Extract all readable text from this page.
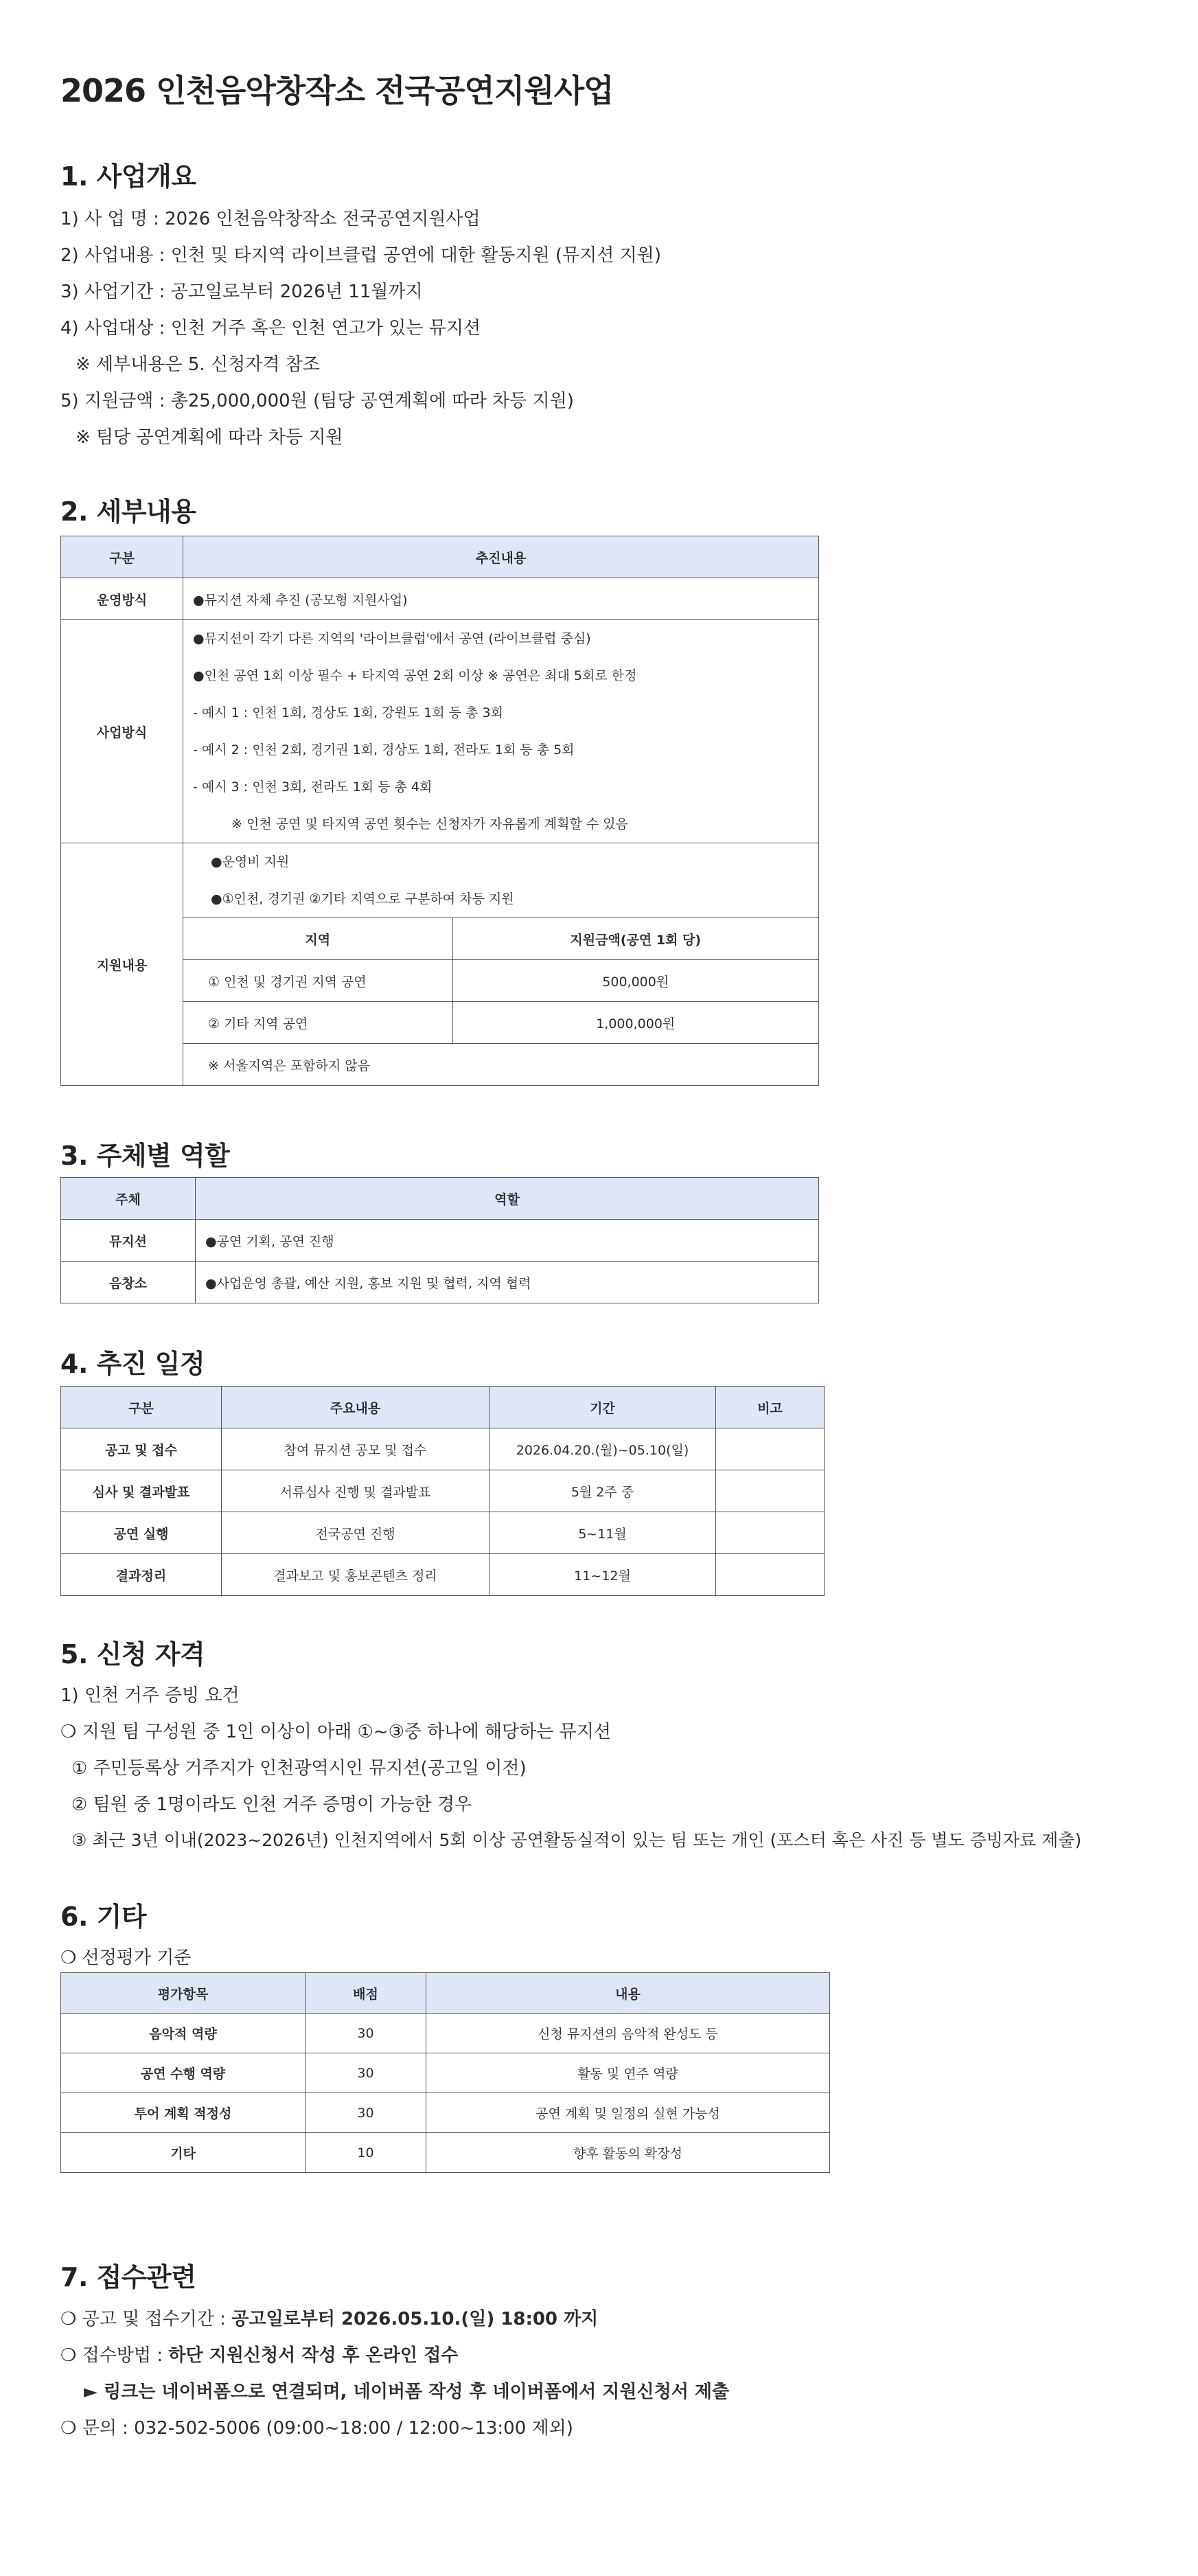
2026 인천음악창작소 전국공연지원사업
1. 사업개요
1) 사 업 명 : 2026 인천음악창작소 전국공연지원사업
2) 사업내용 : 인천 및 타지역 라이브클럽 공연에 대한 활동지원 (뮤지션 지원)
3) 사업기간 : 공고일로부터 2026년 11월까지
4) 사업대상 : 인천 거주 혹은 인천 연고가 있는 뮤지션
※ 세부내용은 5. 신청자격 참조
5) 지원금액 : 총25,000,000원 (팀당 공연계획에 따라 차등 지원)
※ 팀당 공연계획에 따라 차등 지원
2. 세부내용
구분	추진내용
운영방식	●뮤지션 자체 추진 (공모형 지원사업)
사업방식	
●뮤지션이 각기 다른 지역의 '라이브클럽'에서 공연 (라이브클럽 중심)
●인천 공연 1회 이상 필수 + 타지역 공연 2회 이상 ※ 공연은 최대 5회로 한정
- 예시 1 : 인천 1회, 경상도 1회, 강원도 1회 등 총 3회
- 예시 2 : 인천 2회, 경기권 1회, 경상도 1회, 전라도 1회 등 총 5회
- 예시 3 : 인천 3회, 전라도 1회 등 총 4회
※ 인천 공연 및 타지역 공연 횟수는 신청자가 자유롭게 계획할 수 있음

지원내용	
●운영비 지원
●①인천, 경기권 ②기타 지역으로 구분하여 차등 지원
지역	지원금액(공연 1회 당)
① 인천 및 경기권 지역 공연	500,000원
② 기타 지역 공연	1,000,000원
※ 서울지역은 포함하지 않음
3. 주체별 역할
주체	역할
뮤지션	●공연 기획, 공연 진행
음창소	●사업운영 총괄, 예산 지원, 홍보 지원 및 협력, 지역 협력
4. 추진 일정
구분	주요내용	기간	비고
공고 및 접수	참여 뮤지션 공모 및 접수	2026.04.20.(월)~05.10(일)	
심사 및 결과발표	서류심사 진행 및 결과발표	5월 2주 중	
공연 실행	전국공연 진행	5~11월	
결과정리	결과보고 및 홍보콘텐츠 정리	11~12월	
5. 신청 자격
1) 인천 거주 증빙 요건
❍ 지원 팀 구성원 중 1인 이상이 아래 ①~③중 하나에 해당하는 뮤지션
① 주민등록상 거주지가 인천광역시인 뮤지션(공고일 이전)
② 팀원 중 1명이라도 인천 거주 증명이 가능한 경우
③ 최근 3년 이내(2023~2026년) 인천지역에서 5회 이상 공연활동실적이 있는 팀 또는 개인 (포스터 혹은 사진 등 별도 증빙자료 제출)
6. 기타
❍ 선정평가 기준
평가항목	배점	내용
음악적 역량	30	신청 뮤지션의 음악적 완성도 등
공연 수행 역량	30	활동 및 연주 역량
투어 계획 적정성	30	공연 계획 및 일정의 실현 가능성
기타	10	향후 활동의 확장성
7. 접수관련
❍ 공고 및 접수기간 : 공고일로부터 2026.05.10.(일) 18:00 까지
❍ 접수방법 : 하단 지원신청서 작성 후 온라인 접수
► 링크는 네이버폼으로 연결되며, 네이버폼 작성 후 네이버폼에서 지원신청서 제출
❍ 문의 : 032-502-5006 (09:00~18:00 / 12:00~13:00 제외)
